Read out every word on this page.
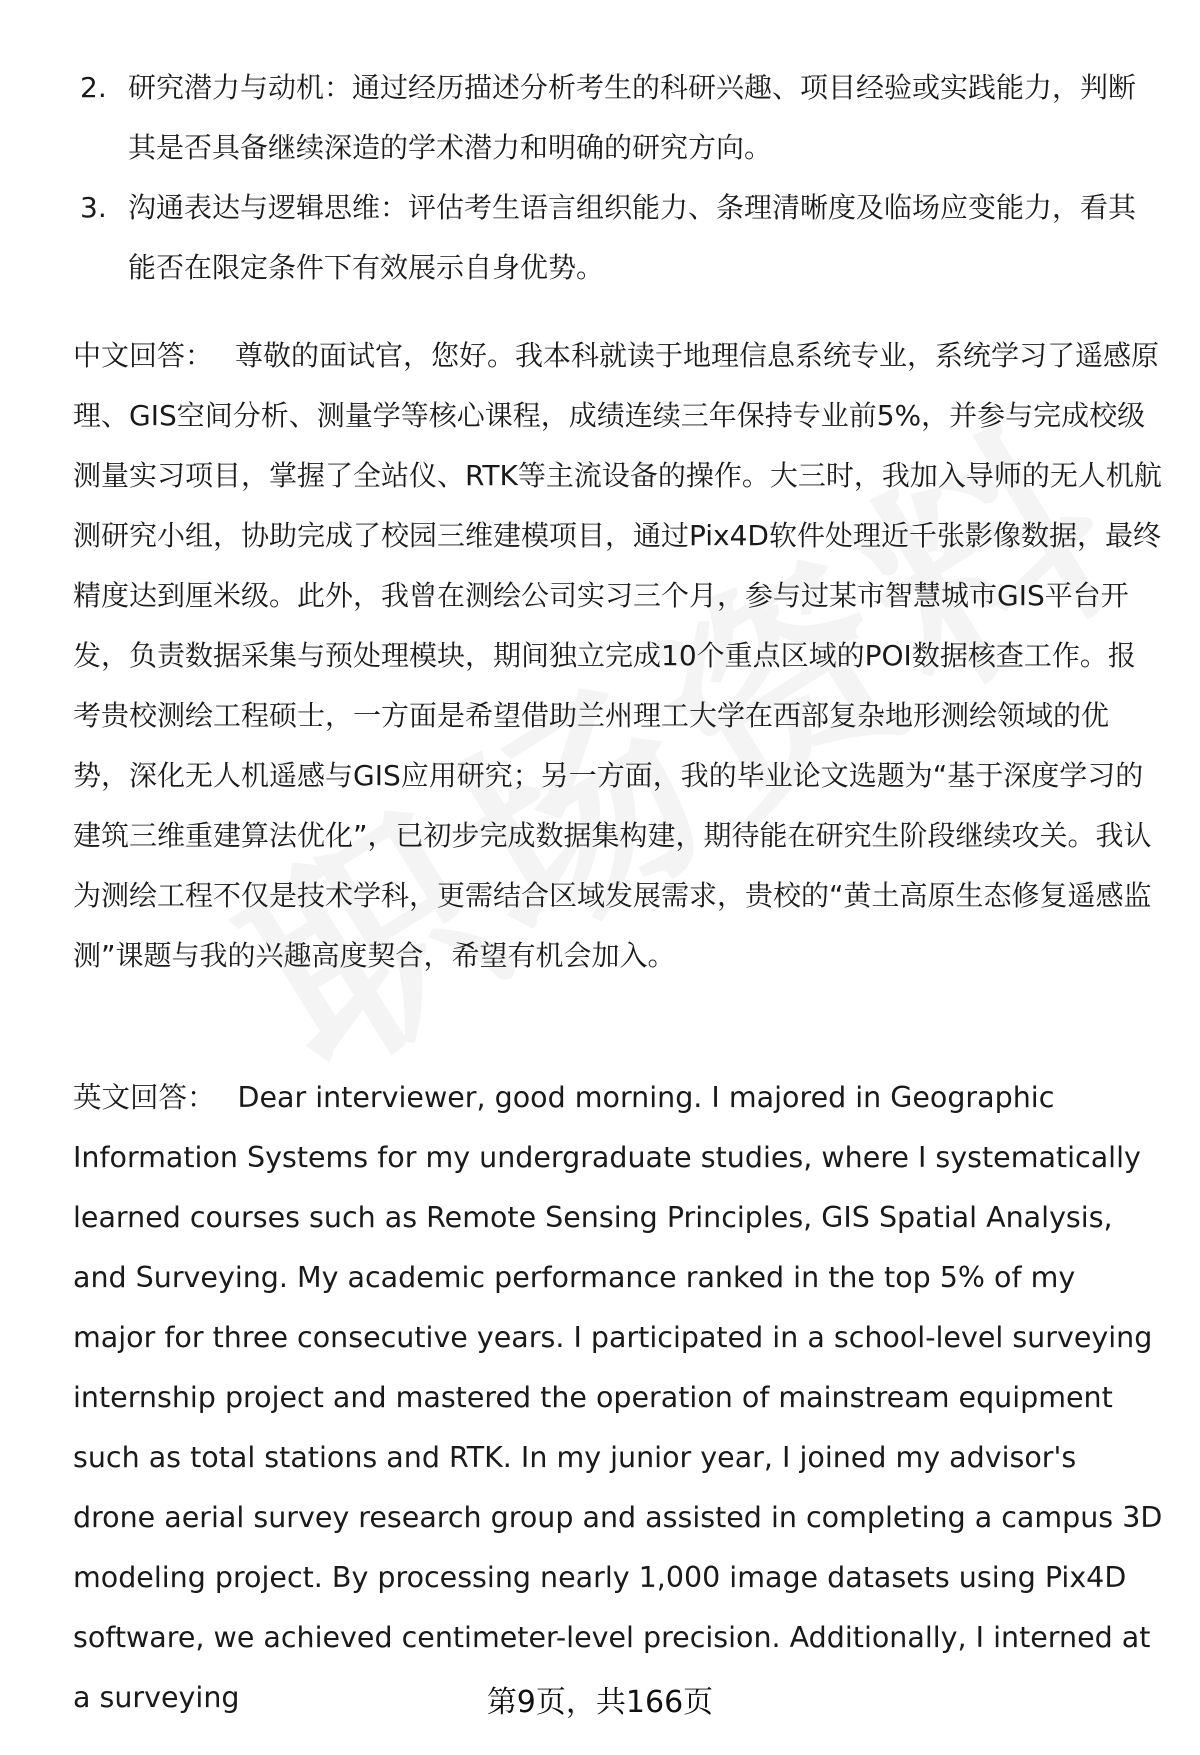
2. 研究潜力与动机：通过经历描述分析考生的科研兴趣、项目经验或实践能力，判断其是否具备继续深造的学术潜力和明确的研究方向。
3. 沟通表达与逻辑思维：评估考生语言组织能力、条理清晰度及临场应变能力，看其能否在限定条件下有效展示自身优势。
中文回答： 尊敬的面试官，您好。我本科就读于地理信息系统专业，系统学习了遥感原理、GIS空间分析、测量学等核心课程，成绩连续三年保持专业前5%，并参与完成校级测量实习项目，掌握了全站仪、RTK等主流设备的操作。大三时，我加入导师的无人机航测研究小组，协助完成了校园三维建模项目，通过Pix4D软件处理近千张影像数据，最终精度达到厘米级。此外，我曾在测绘公司实习三个月，参与过某市智慧城市GIS平台开发，负责数据采集与预处理模块，期间独立完成10个重点区域的POI数据核查工作。报考贵校测绘工程硕士，一方面是希望借助兰州理工大学在西部复杂地形测绘领域的优势，深化无人机遥感与GIS应用研究；另一方面，我的毕业论文选题为“基于深度学习的建筑三维重建算法优化”，已初步完成数据集构建，期待能在研究生阶段继续攻关。我认为测绘工程不仅是技术学科，更需结合区域发展需求，贵校的“黄土高原生态修复遥感监测”课题与我的兴趣高度契合，希望有机会加入。
英文回答： Dear interviewer, good morning. I majored in Geographic Information Systems for my undergraduate studies, where I systematically learned courses such as Remote Sensing Principles, GIS Spatial Analysis, and Surveying. My academic performance ranked in the top 5% of my major for three consecutive years. I participated in a school-level surveying internship project and mastered the operation of mainstream equipment such as total stations and RTK. In my junior year, I joined my advisor's drone aerial survey research group and assisted in completing a campus 3D modeling project. By processing nearly 1,000 image datasets using Pix4D software, we achieved centimeter-level precision. Additionally, I interned at a surveying	第9页，共166页
